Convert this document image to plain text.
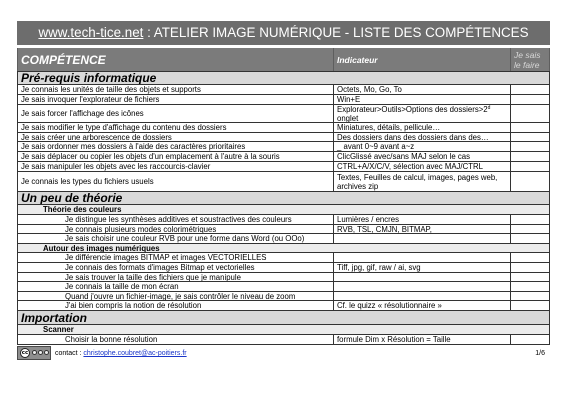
www.tech-tice.net : ATELIER IMAGE NUMÉRIQUE - LISTE DES COMPÉTENCES
COMPÉTENCE	Indicateur	Je sais
le faire
Pré-requis informatique
Je connais les unités de taille des objets et supports	Octets, Mo, Go, To
Je sais invoquer l'explorateur de fichiers	Win+E
Je sais forcer l'affichage des icônes	Explorateur>Outils>Options des $dossiers>2^d$
onglet
Je sais modifier le type d'affichage du contenu des dossiers	Miniatures, détails, pellicule…
Je sais créer une arborescence de dossiers	Des dossiers dans des dossiers dans des…
Je sais ordonner mes dossiers à l'aide des caractères prioritaires	_ avant 0~9 avant a~z
Je sais déplacer ou copier les objets d'un emplacement à l'autre à la souris	ClicGlissé avec/sans MAJ selon le cas
Je sais manipuler les objets avec les raccourcis-clavier	CTRL+A/X/C/V, sélection avec MAJ/CTRL
Je connais les types du fichiers usuels	Textes, Feuilles de calcul, images, pages web,
archives zip
Un peu de théorie
Théorie des couleurs
Je distingue les synthèses additives et soustractives des couleurs	Lumières / encres
Je connais plusieurs modes colorimétriques	RVB, TSL, CMJN, BITMAP,
Je sais choisir une couleur RVB pour une forme dans Word (ou OOo)
Autour des images numériques
Je différencie images BITMAP et images VECTORIELLES
Je connais des formats d'images Bitmap et vectorielles	Tiff, jpg, gif, raw / ai, svg
Je sais trouver la taille des fichiers que je manipule
Je connais la taille de mon écran
Quand j'ouvre un fichier-image, je sais contrôler le niveau de zoom
J'ai bien compris la notion de résolution	Cf. le quizz « résolutionnaire »
Importation
Scanner
Choisir la bonne résolution	formule Dim x Résolution = Taille
cc	contact : christophe.coubret@ac-poitiers.fr	1/6
